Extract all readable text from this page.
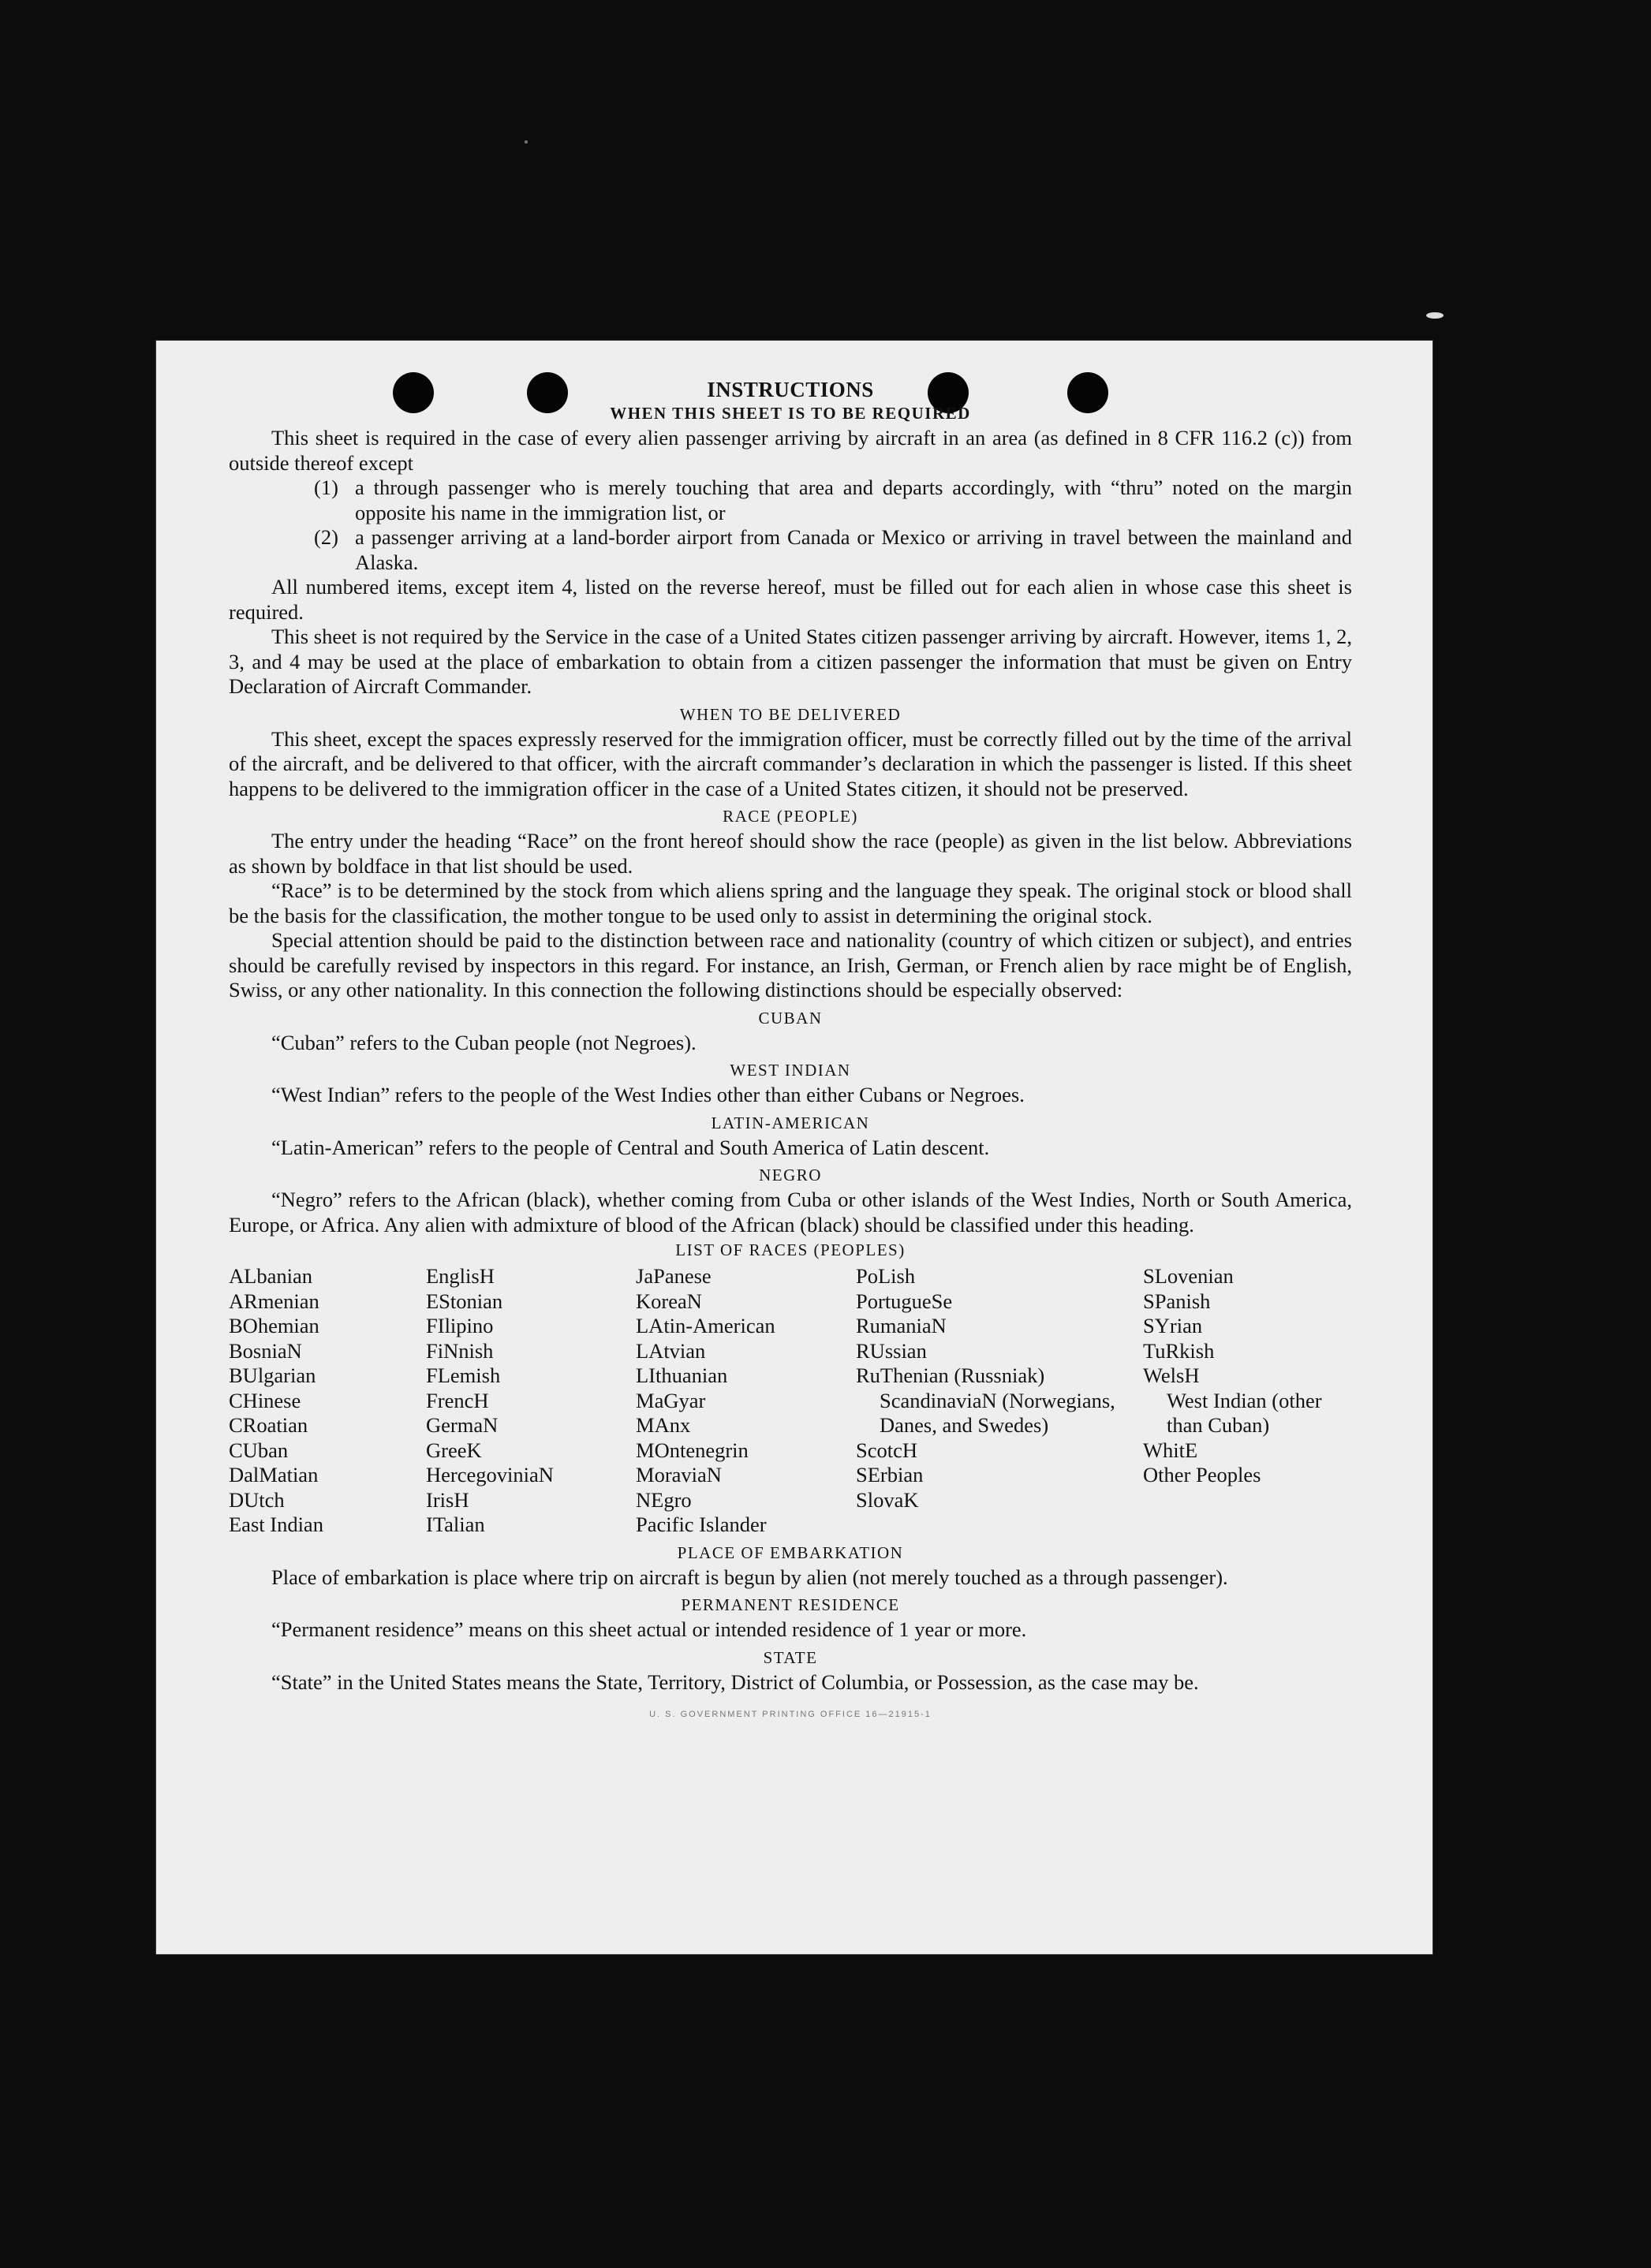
INSTRUCTIONS
WHEN THIS SHEET IS TO BE REQUIRED

This sheet is required in the case of every alien passenger arriving by aircraft in an area (as defined in 8 CFR 116.2 (c)) from outside thereof except

(1) a through passenger who is merely touching that area and departs accordingly, with “thru” noted on the margin opposite his name in the immigration list, or
(2) a passenger arriving at a land-border airport from Canada or Mexico or arriving in travel between the mainland and Alaska.

All numbered items, except item 4, listed on the reverse hereof, must be filled out for each alien in whose case this sheet is required.

This sheet is not required by the Service in the case of a United States citizen passenger arriving by aircraft. However, items 1, 2, 3, and 4 may be used at the place of embarkation to obtain from a citizen passenger the information that must be given on Entry Declaration of Aircraft Commander.

WHEN TO BE DELIVERED

This sheet, except the spaces expressly reserved for the immigration officer, must be correctly filled out by the time of the arrival of the aircraft, and be delivered to that officer, with the aircraft commander’s declaration in which the passenger is listed. If this sheet happens to be delivered to the immigration officer in the case of a United States citizen, it should not be preserved.

RACE (PEOPLE)

The entry under the heading “Race” on the front hereof should show the race (people) as given in the list below. Abbreviations as shown by boldface in that list should be used.

“Race” is to be determined by the stock from which aliens spring and the language they speak. The original stock or blood shall be the basis for the classification, the mother tongue to be used only to assist in determining the original stock.

Special attention should be paid to the distinction between race and nationality (country of which citizen or subject), and entries should be carefully revised by inspectors in this regard. For instance, an Irish, German, or French alien by race might be of English, Swiss, or any other nationality. In this connection the following distinctions should be especially observed:

CUBAN

“Cuban” refers to the Cuban people (not Negroes).

WEST INDIAN

“West Indian” refers to the people of the West Indies other than either Cubans or Negroes.

LATIN-AMERICAN

“Latin-American” refers to the people of Central and South America of Latin descent.

NEGRO

“Negro” refers to the African (black), whether coming from Cuba or other islands of the West Indies, North or South America, Europe, or Africa. Any alien with admixture of blood of the African (black) should be classified under this heading.

LIST OF RACES (PEOPLES)
ALbanian
ARmenian
BOhemian
BosniaN
BUlgarian
CHinese
CRoatian
CUban
DalMatian
DUtch
East Indian
EnglisH
EStonian
FIlipino
FiNnish
FLemish
FrencH
GermaN
GreeK
HercegoviniaN
IrisH
ITalian
JaPanese
KoreaN
LAtin-American
LAtvian
LIthuanian
MaGyar
MAnx
MOntenegrin
MoraviaN
NEgro
Pacific Islander
PoLish
PortugueSe
RumaniaN
RUssian
RuThenian (Russniak)
ScandinaviaN (Norwegians, Danes, and Swedes)
ScotcH
SErbian
SlovaK
SLovenian
SPanish
SYrian
TuRkish
WelsH
West Indian (other than Cuban)
WhitE
Other Peoples
PLACE OF EMBARKATION

Place of embarkation is place where trip on aircraft is begun by alien (not merely touched as a through passenger).

PERMANENT RESIDENCE

“Permanent residence” means on this sheet actual or intended residence of 1 year or more.

STATE

“State” in the United States means the State, Territory, District of Columbia, or Possession, as the case may be.

U. S. GOVERNMENT PRINTING OFFICE 16—21915-1
